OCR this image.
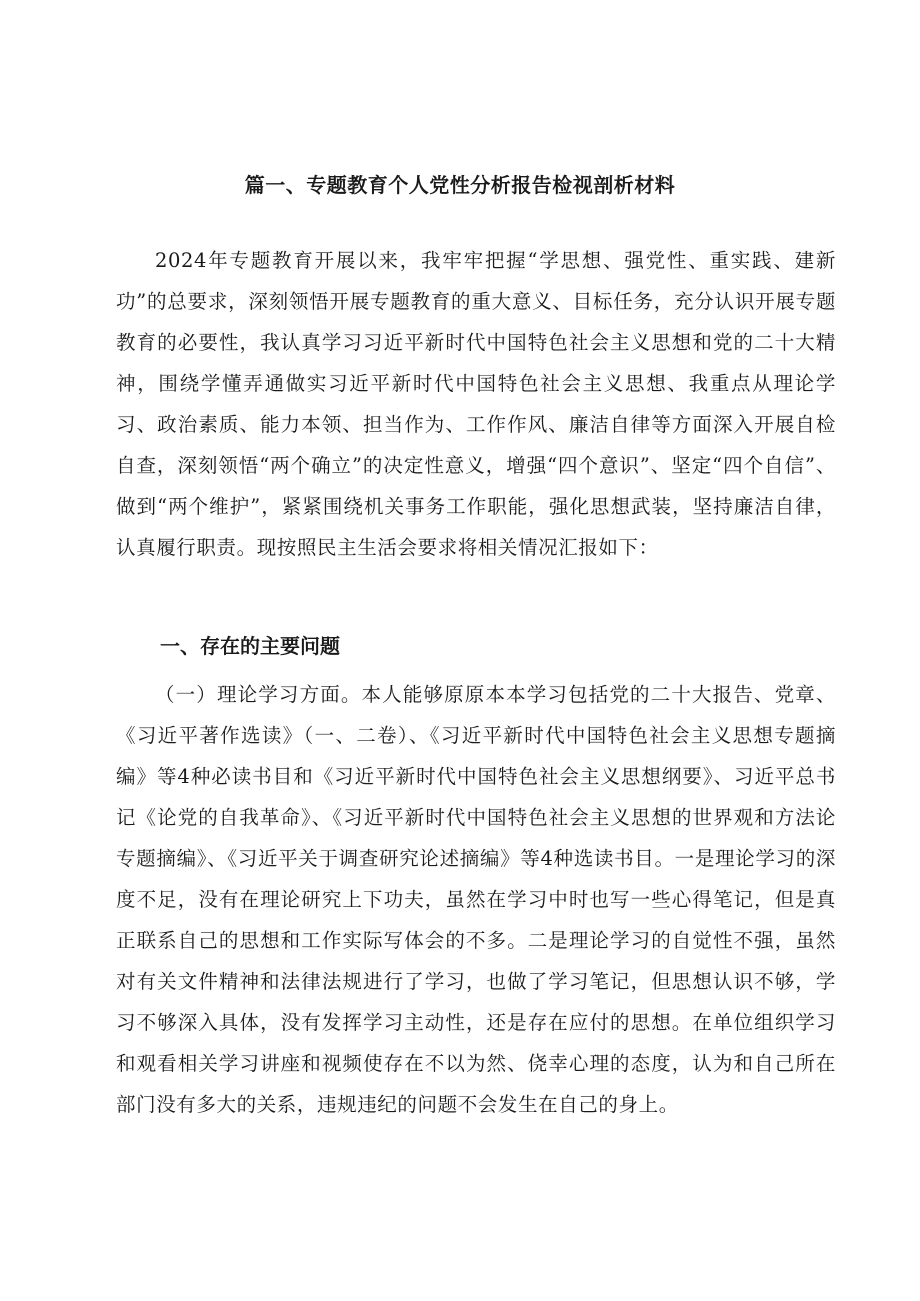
篇一、专题教育个人党性分析报告检视剖析材料

2024年专题教育开展以来，我牢牢把握“学思想、强党性、重实践、建新功”的总要求，深刻领悟开展专题教育的重大意义、目标任务，充分认识开展专题教育的必要性，我认真学习习近平新时代中国特色社会主义思想和党的二十大精神，围绕学懂弄通做实习近平新时代中国特色社会主义思想、我重点从理论学习、政治素质、能力本领、担当作为、工作作风、廉洁自律等方面深入开展自检自查，深刻领悟“两个确立”的决定性意义，增强“四个意识”、坚定“四个自信”、做到“两个维护”，紧紧围绕机关事务工作职能，强化思想武装，坚持廉洁自律，认真履行职责。现按照民主生活会要求将相关情况汇报如下：

一、存在的主要问题

（一）理论学习方面。本人能够原原本本学习包括党的二十大报告、党章、《习近平著作选读》（一、二卷）、《习近平新时代中国特色社会主义思想专题摘编》等4种必读书目和《习近平新时代中国特色社会主义思想纲要》、习近平总书记《论党的自我革命》、《习近平新时代中国特色社会主义思想的世界观和方法论专题摘编》、《习近平关于调查研究论述摘编》等4种选读书目。一是理论学习的深度不足，没有在理论研究上下功夫，虽然在学习中时也写一些心得笔记，但是真正联系自己的思想和工作实际写体会的不多。二是理论学习的自觉性不强，虽然对有关文件精神和法律法规进行了学习，也做了学习笔记，但思想认识不够，学习不够深入具体，没有发挥学习主动性，还是存在应付的思想。在单位组织学习和观看相关学习讲座和视频使存在不以为然、侥幸心理的态度，认为和自己所在部门没有多大的关系，违规违纪的问题不会发生在自己的身上。
